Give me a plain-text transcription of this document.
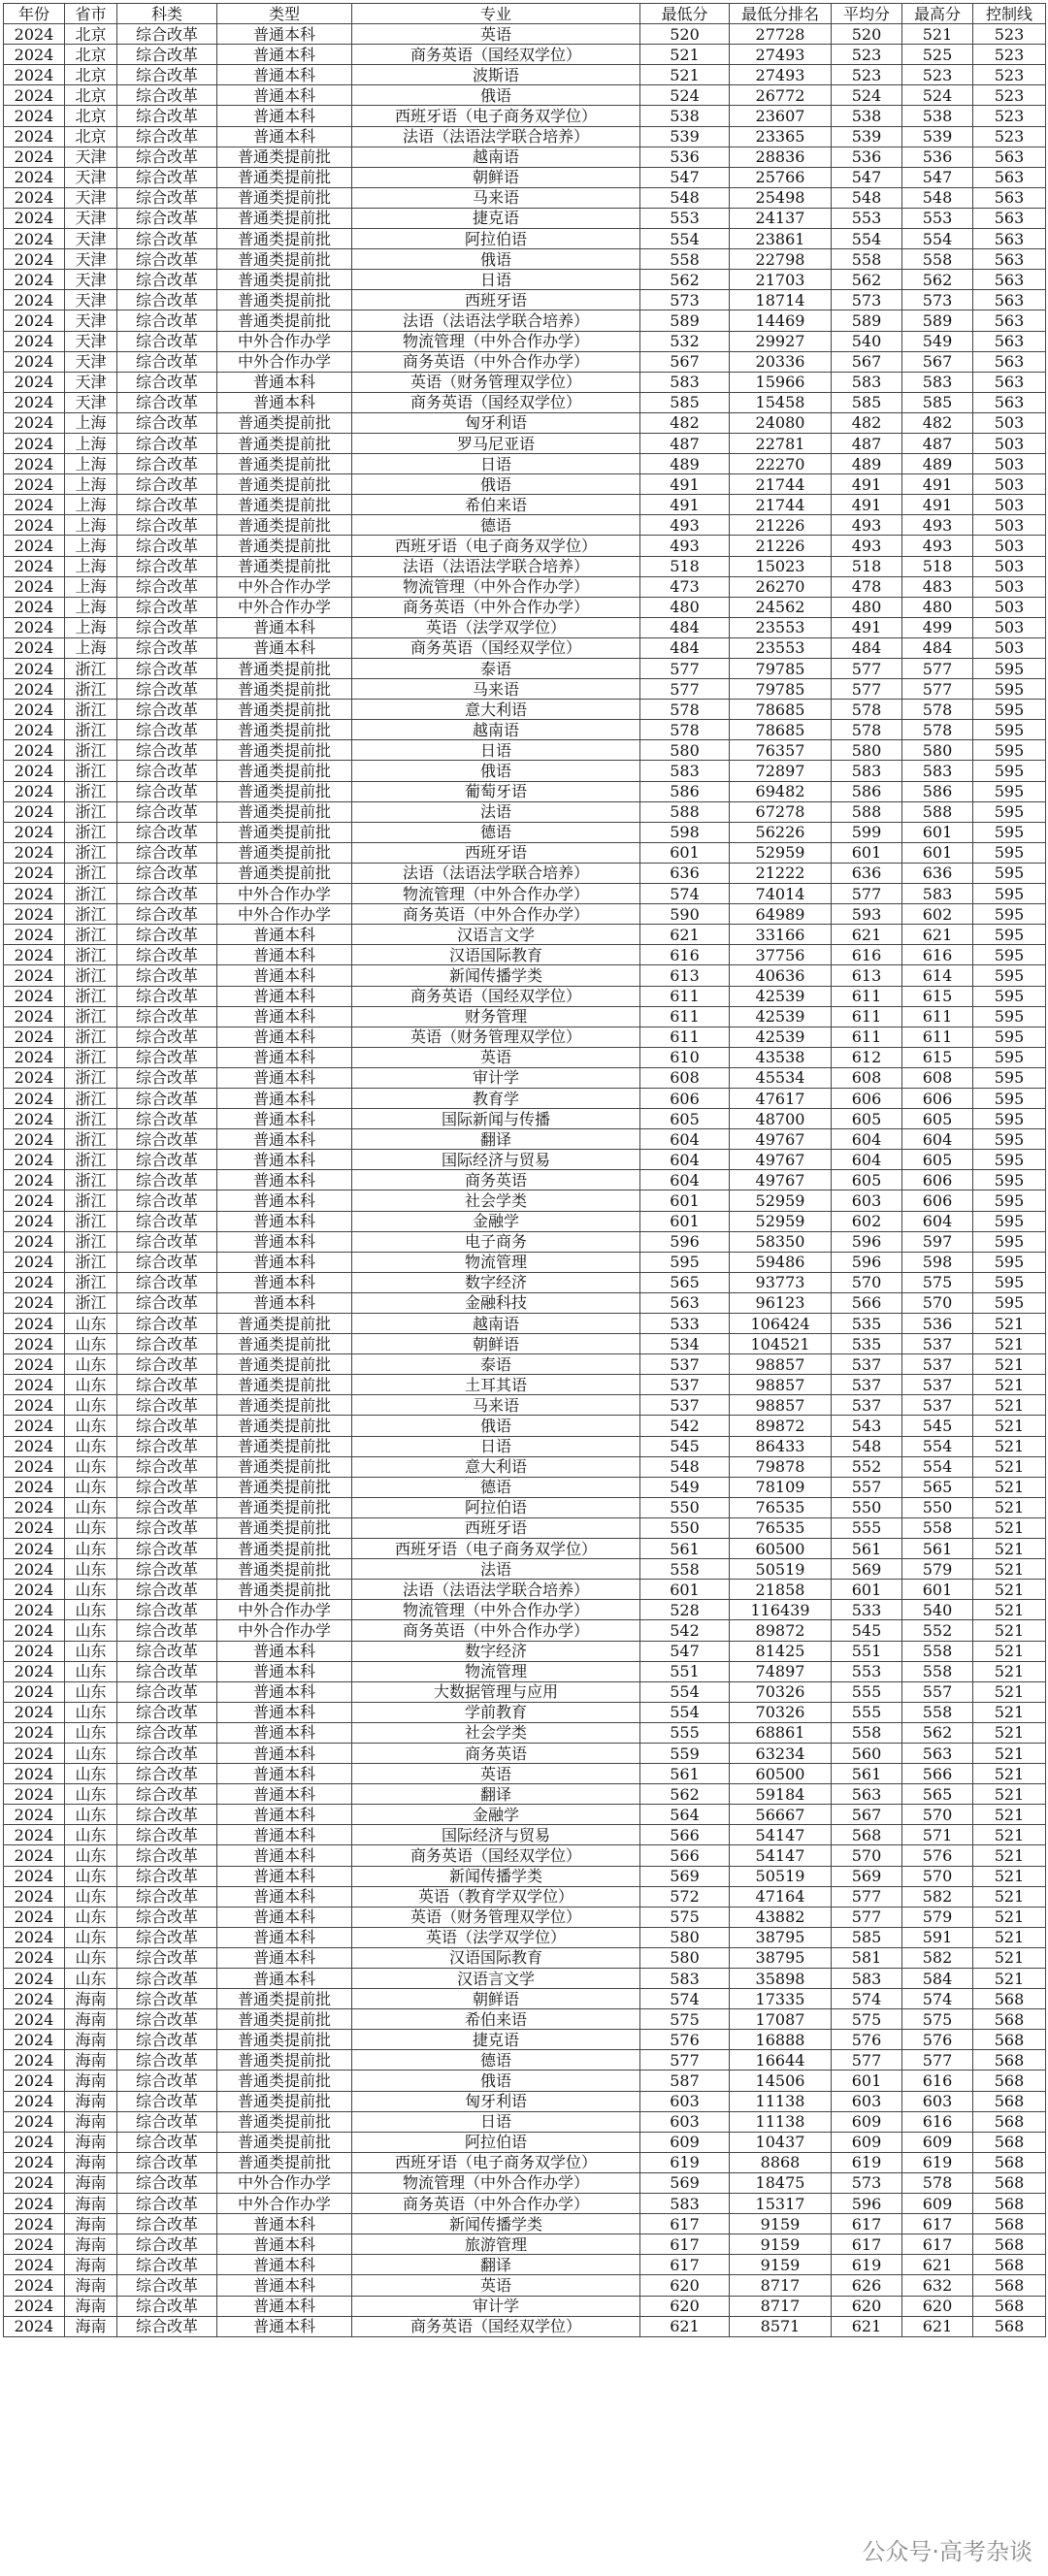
年份	省市	科类	类型	专业	最低分	最低分排名	平均分	最高分	控制线
2024	北京	综合改革	普通本科	英语	520	27728	520	521	523
2024	北京	综合改革	普通本科	商务英语（国经双学位）	521	27493	523	525	523
2024	北京	综合改革	普通本科	波斯语	521	27493	523	523	523
2024	北京	综合改革	普通本科	俄语	524	26772	524	524	523
2024	北京	综合改革	普通本科	西班牙语（电子商务双学位）	538	23607	538	538	523
2024	北京	综合改革	普通本科	法语（法语法学联合培养）	539	23365	539	539	523
2024	天津	综合改革	普通类提前批	越南语	536	28836	536	536	563
2024	天津	综合改革	普通类提前批	朝鲜语	547	25766	547	547	563
2024	天津	综合改革	普通类提前批	马来语	548	25498	548	548	563
2024	天津	综合改革	普通类提前批	捷克语	553	24137	553	553	563
2024	天津	综合改革	普通类提前批	阿拉伯语	554	23861	554	554	563
2024	天津	综合改革	普通类提前批	俄语	558	22798	558	558	563
2024	天津	综合改革	普通类提前批	日语	562	21703	562	562	563
2024	天津	综合改革	普通类提前批	西班牙语	573	18714	573	573	563
2024	天津	综合改革	普通类提前批	法语（法语法学联合培养）	589	14469	589	589	563
2024	天津	综合改革	中外合作办学	物流管理（中外合作办学）	532	29927	540	549	563
2024	天津	综合改革	中外合作办学	商务英语（中外合作办学）	567	20336	567	567	563
2024	天津	综合改革	普通本科	英语（财务管理双学位）	583	15966	583	583	563
2024	天津	综合改革	普通本科	商务英语（国经双学位）	585	15458	585	585	563
2024	上海	综合改革	普通类提前批	匈牙利语	482	24080	482	482	503
2024	上海	综合改革	普通类提前批	罗马尼亚语	487	22781	487	487	503
2024	上海	综合改革	普通类提前批	日语	489	22270	489	489	503
2024	上海	综合改革	普通类提前批	俄语	491	21744	491	491	503
2024	上海	综合改革	普通类提前批	希伯来语	491	21744	491	491	503
2024	上海	综合改革	普通类提前批	德语	493	21226	493	493	503
2024	上海	综合改革	普通类提前批	西班牙语（电子商务双学位）	493	21226	493	493	503
2024	上海	综合改革	普通类提前批	法语（法语法学联合培养）	518	15023	518	518	503
2024	上海	综合改革	中外合作办学	物流管理（中外合作办学）	473	26270	478	483	503
2024	上海	综合改革	中外合作办学	商务英语（中外合作办学）	480	24562	480	480	503
2024	上海	综合改革	普通本科	英语（法学双学位）	484	23553	491	499	503
2024	上海	综合改革	普通本科	商务英语（国经双学位）	484	23553	484	484	503
2024	浙江	综合改革	普通类提前批	泰语	577	79785	577	577	595
2024	浙江	综合改革	普通类提前批	马来语	577	79785	577	577	595
2024	浙江	综合改革	普通类提前批	意大利语	578	78685	578	578	595
2024	浙江	综合改革	普通类提前批	越南语	578	78685	578	578	595
2024	浙江	综合改革	普通类提前批	日语	580	76357	580	580	595
2024	浙江	综合改革	普通类提前批	俄语	583	72897	583	583	595
2024	浙江	综合改革	普通类提前批	葡萄牙语	586	69482	586	586	595
2024	浙江	综合改革	普通类提前批	法语	588	67278	588	588	595
2024	浙江	综合改革	普通类提前批	德语	598	56226	599	601	595
2024	浙江	综合改革	普通类提前批	西班牙语	601	52959	601	601	595
2024	浙江	综合改革	普通类提前批	法语（法语法学联合培养）	636	21222	636	636	595
2024	浙江	综合改革	中外合作办学	物流管理（中外合作办学）	574	74014	577	583	595
2024	浙江	综合改革	中外合作办学	商务英语（中外合作办学）	590	64989	593	602	595
2024	浙江	综合改革	普通本科	汉语言文学	621	33166	621	621	595
2024	浙江	综合改革	普通本科	汉语国际教育	616	37756	616	616	595
2024	浙江	综合改革	普通本科	新闻传播学类	613	40636	613	614	595
2024	浙江	综合改革	普通本科	商务英语（国经双学位）	611	42539	611	615	595
2024	浙江	综合改革	普通本科	财务管理	611	42539	611	611	595
2024	浙江	综合改革	普通本科	英语（财务管理双学位）	611	42539	611	611	595
2024	浙江	综合改革	普通本科	英语	610	43538	612	615	595
2024	浙江	综合改革	普通本科	审计学	608	45534	608	608	595
2024	浙江	综合改革	普通本科	教育学	606	47617	606	606	595
2024	浙江	综合改革	普通本科	国际新闻与传播	605	48700	605	605	595
2024	浙江	综合改革	普通本科	翻译	604	49767	604	604	595
2024	浙江	综合改革	普通本科	国际经济与贸易	604	49767	604	605	595
2024	浙江	综合改革	普通本科	商务英语	604	49767	605	606	595
2024	浙江	综合改革	普通本科	社会学类	601	52959	603	606	595
2024	浙江	综合改革	普通本科	金融学	601	52959	602	604	595
2024	浙江	综合改革	普通本科	电子商务	596	58350	596	597	595
2024	浙江	综合改革	普通本科	物流管理	595	59486	596	598	595
2024	浙江	综合改革	普通本科	数字经济	565	93773	570	575	595
2024	浙江	综合改革	普通本科	金融科技	563	96123	566	570	595
2024	山东	综合改革	普通类提前批	越南语	533	106424	535	536	521
2024	山东	综合改革	普通类提前批	朝鲜语	534	104521	535	537	521
2024	山东	综合改革	普通类提前批	泰语	537	98857	537	537	521
2024	山东	综合改革	普通类提前批	土耳其语	537	98857	537	537	521
2024	山东	综合改革	普通类提前批	马来语	537	98857	537	537	521
2024	山东	综合改革	普通类提前批	俄语	542	89872	543	545	521
2024	山东	综合改革	普通类提前批	日语	545	86433	548	554	521
2024	山东	综合改革	普通类提前批	意大利语	548	79878	552	554	521
2024	山东	综合改革	普通类提前批	德语	549	78109	557	565	521
2024	山东	综合改革	普通类提前批	阿拉伯语	550	76535	550	550	521
2024	山东	综合改革	普通类提前批	西班牙语	550	76535	555	558	521
2024	山东	综合改革	普通类提前批	西班牙语（电子商务双学位）	561	60500	561	561	521
2024	山东	综合改革	普通类提前批	法语	558	50519	569	579	521
2024	山东	综合改革	普通类提前批	法语（法语法学联合培养）	601	21858	601	601	521
2024	山东	综合改革	中外合作办学	物流管理（中外合作办学）	528	116439	533	540	521
2024	山东	综合改革	中外合作办学	商务英语（中外合作办学）	542	89872	545	552	521
2024	山东	综合改革	普通本科	数字经济	547	81425	551	558	521
2024	山东	综合改革	普通本科	物流管理	551	74897	553	558	521
2024	山东	综合改革	普通本科	大数据管理与应用	554	70326	555	557	521
2024	山东	综合改革	普通本科	学前教育	554	70326	555	558	521
2024	山东	综合改革	普通本科	社会学类	555	68861	558	562	521
2024	山东	综合改革	普通本科	商务英语	559	63234	560	563	521
2024	山东	综合改革	普通本科	英语	561	60500	561	566	521
2024	山东	综合改革	普通本科	翻译	562	59184	563	565	521
2024	山东	综合改革	普通本科	金融学	564	56667	567	570	521
2024	山东	综合改革	普通本科	国际经济与贸易	566	54147	568	571	521
2024	山东	综合改革	普通本科	商务英语（国经双学位）	566	54147	570	576	521
2024	山东	综合改革	普通本科	新闻传播学类	569	50519	569	570	521
2024	山东	综合改革	普通本科	英语（教育学双学位）	572	47164	577	582	521
2024	山东	综合改革	普通本科	英语（财务管理双学位）	575	43882	577	579	521
2024	山东	综合改革	普通本科	英语（法学双学位）	580	38795	585	591	521
2024	山东	综合改革	普通本科	汉语国际教育	580	38795	581	582	521
2024	山东	综合改革	普通本科	汉语言文学	583	35898	583	584	521
2024	海南	综合改革	普通类提前批	朝鲜语	574	17335	574	574	568
2024	海南	综合改革	普通类提前批	希伯来语	575	17087	575	575	568
2024	海南	综合改革	普通类提前批	捷克语	576	16888	576	576	568
2024	海南	综合改革	普通类提前批	德语	577	16644	577	577	568
2024	海南	综合改革	普通类提前批	俄语	587	14506	601	616	568
2024	海南	综合改革	普通类提前批	匈牙利语	603	11138	603	603	568
2024	海南	综合改革	普通类提前批	日语	603	11138	609	616	568
2024	海南	综合改革	普通类提前批	阿拉伯语	609	10437	609	609	568
2024	海南	综合改革	普通类提前批	西班牙语（电子商务双学位）	619	8868	619	619	568
2024	海南	综合改革	中外合作办学	物流管理（中外合作办学）	569	18475	573	578	568
2024	海南	综合改革	中外合作办学	商务英语（中外合作办学）	583	15317	596	609	568
2024	海南	综合改革	普通本科	新闻传播学类	617	9159	617	617	568
2024	海南	综合改革	普通本科	旅游管理	617	9159	617	617	568
2024	海南	综合改革	普通本科	翻译	617	9159	619	621	568
2024	海南	综合改革	普通本科	英语	620	8717	626	632	568
2024	海南	综合改革	普通本科	审计学	620	8717	620	620	568
2024	海南	综合改革	普通本科	商务英语（国经双学位）	621	8571	621	621	568
公众号·高考杂谈
